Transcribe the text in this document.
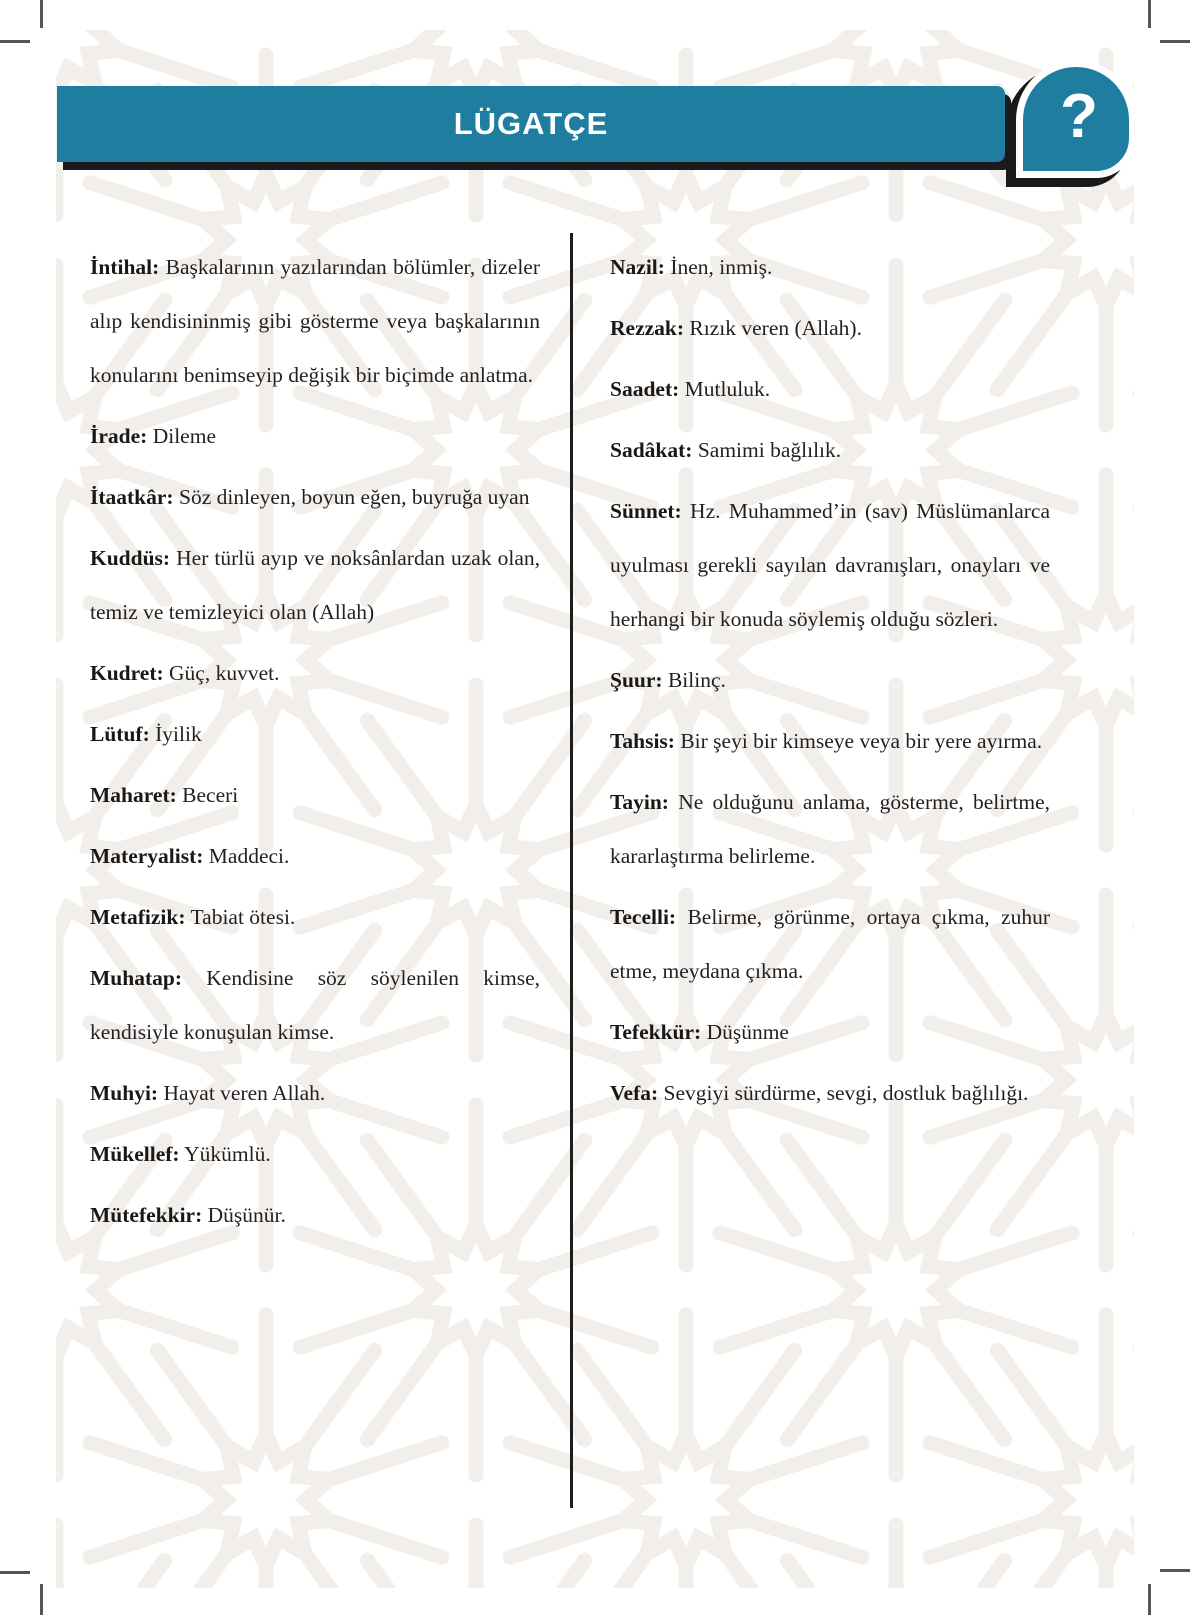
LÜGATÇE	?

İntihal: Başkalarının yazılarından bölümler, dizeler alıp kendisininmiş gibi gösterme veya başkalarının konularını benimseyip değişik bir biçimde anlatma.

İrade: Dileme

İtaatkâr: Söz dinleyen, boyun eğen, buyruğa uyan

Kuddüs: Her türlü ayıp ve noksânlardan uzak olan, temiz ve temizleyici olan (Allah)

Kudret: Güç, kuvvet.

Lütuf: İyilik

Maharet: Beceri

Materyalist: Maddeci.

Metafizik: Tabiat ötesi.

Muhatap: Kendisine söz söylenilen kimse, kendisiyle konuşulan kimse.

Muhyi: Hayat veren Allah.

Mükellef: Yükümlü.

Mütefekkir: Düşünür.

Nazil: İnen, inmiş.

Rezzak: Rızık veren (Allah).

Saadet: Mutluluk.

Sadâkat: Samimi bağlılık.

Sünnet: Hz. Muhammed’in (sav) Müslümanlarca uyulması gerekli sayılan davranışları, onayları ve herhangi bir konuda söylemiş olduğu sözleri.

Şuur: Bilinç.

Tahsis: Bir şeyi bir kimseye veya bir yere ayırma.

Tayin: Ne olduğunu anlama, gösterme, belirtme, kararlaştırma belirleme.

Tecelli: Belirme, görünme, ortaya çıkma, zuhur etme, meydana çıkma.

Tefekkür: Düşünme

Vefa: Sevgiyi sürdürme, sevgi, dostluk bağlılığı.
